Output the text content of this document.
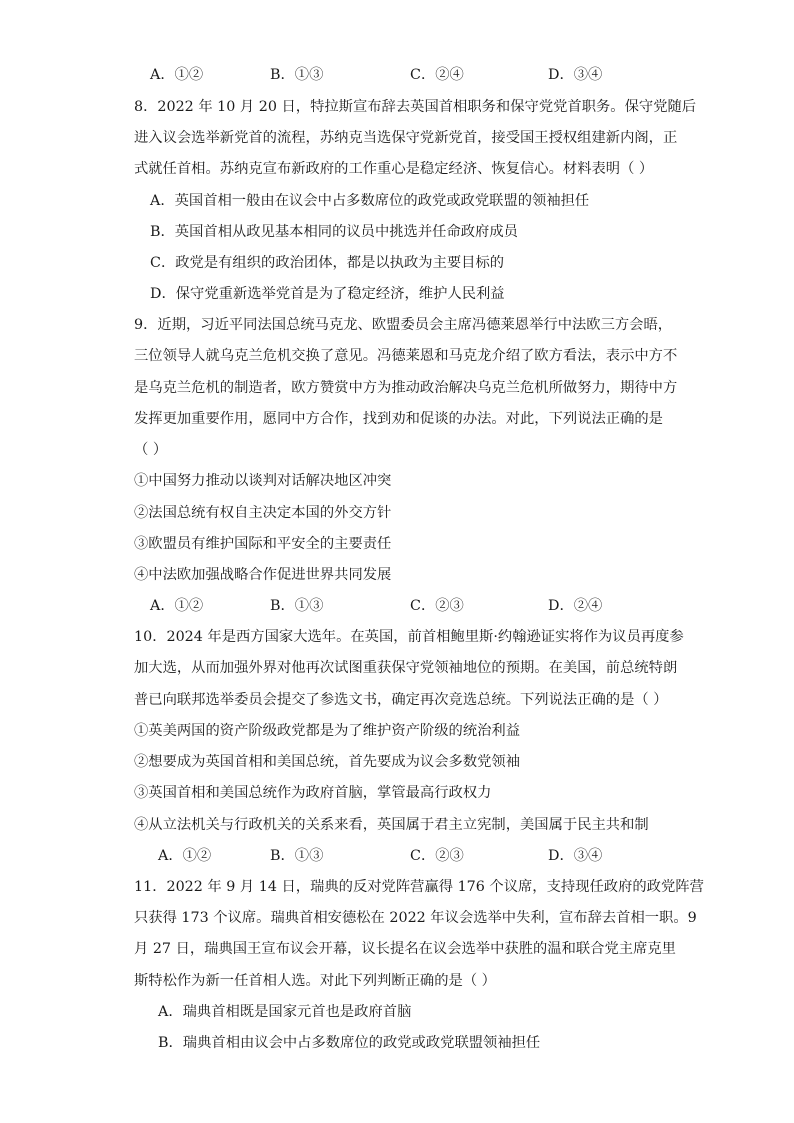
A．①②	B．①③	C．②④	D．③④
8．2022 年 10 月 20 日，特拉斯宣布辞去英国首相职务和保守党党首职务。保守党随后
进入议会选举新党首的流程，苏纳克当选保守党新党首，接受国王授权组建新内阁，正
式就任首相。苏纳克宣布新政府的工作重心是稳定经济、恢复信心。材料表明（ ）
A．英国首相一般由在议会中占多数席位的政党或政党联盟的领袖担任
B．英国首相从政见基本相同的议员中挑选并任命政府成员
C．政党是有组织的政治团体，都是以执政为主要目标的
D．保守党重新选举党首是为了稳定经济，维护人民利益
9．近期，习近平同法国总统马克龙、欧盟委员会主席冯德莱恩举行中法欧三方会晤，
三位领导人就乌克兰危机交换了意见。冯德莱恩和马克龙介绍了欧方看法，表示中方不
是乌克兰危机的制造者，欧方赞赏中方为推动政治解决乌克兰危机所做努力，期待中方
发挥更加重要作用，愿同中方合作，找到劝和促谈的办法。对此，下列说法正确的是
（ ）
①中国努力推动以谈判对话解决地区冲突
②法国总统有权自主决定本国的外交方针
③欧盟员有维护国际和平安全的主要责任
④中法欧加强战略合作促进世界共同发展
A．①②	B．①③	C．②③	D．②④
10．2024 年是西方国家大选年。在英国，前首相鲍里斯·约翰逊证实将作为议员再度参
加大选，从而加强外界对他再次试图重获保守党领袖地位的预期。在美国，前总统特朗
普已向联邦选举委员会提交了参选文书，确定再次竞选总统。下列说法正确的是（ ）
①英美两国的资产阶级政党都是为了维护资产阶级的统治利益
②想要成为英国首相和美国总统，首先要成为议会多数党领袖
③英国首相和美国总统作为政府首脑，掌管最高行政权力
④从立法机关与行政机关的关系来看，英国属于君主立宪制，美国属于民主共和制
A．①②	B．①③	C．②③	D．③④
11．2022 年 9 月 14 日，瑞典的反对党阵营赢得 176 个议席，支持现任政府的政党阵营
只获得 173 个议席。瑞典首相安德松在 2022 年议会选举中失利，宣布辞去首相一职。9
月 27 日，瑞典国王宣布议会开幕，议长提名在议会选举中获胜的温和联合党主席克里
斯特松作为新一任首相人选。对此下列判断正确的是（ ）
A．瑞典首相既是国家元首也是政府首脑
B．瑞典首相由议会中占多数席位的政党或政党联盟领袖担任
